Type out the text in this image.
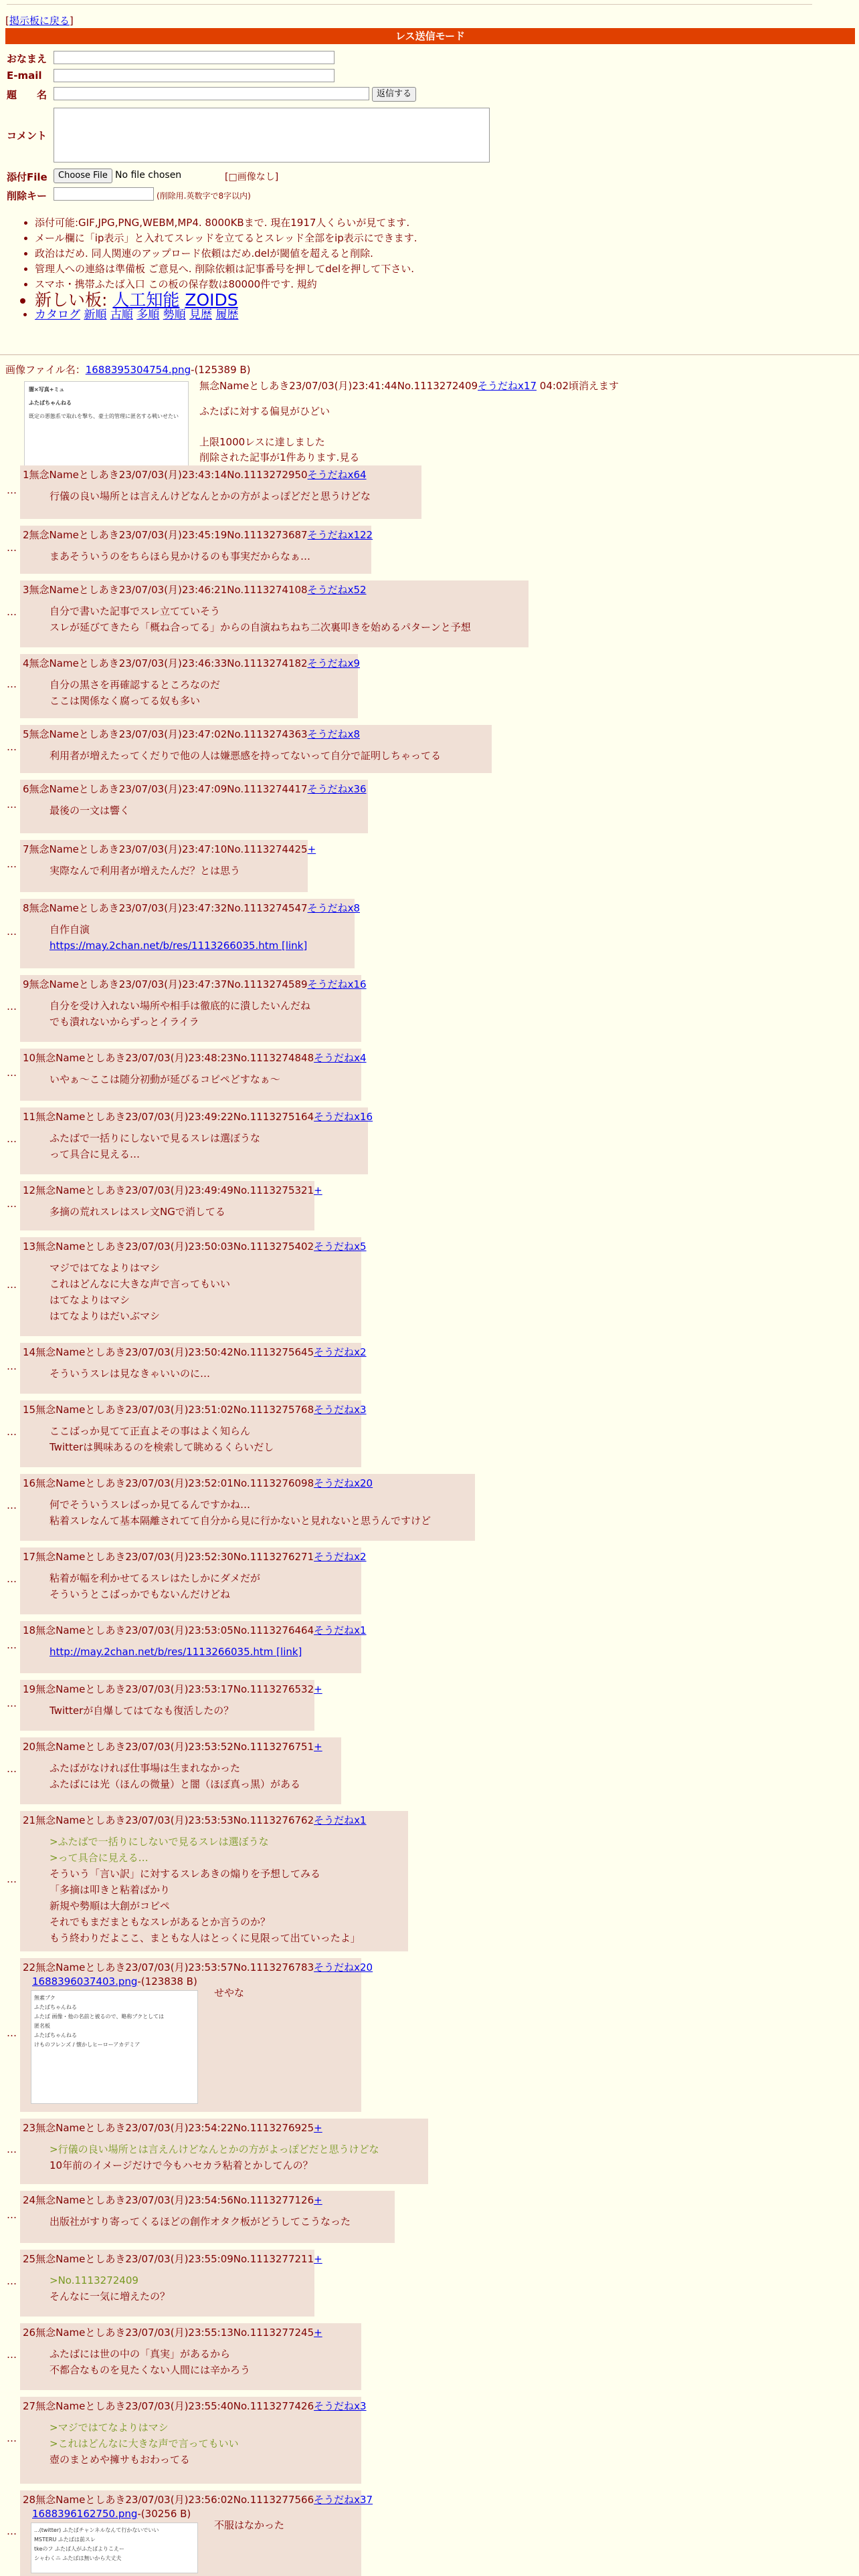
[掲示板に戻る]
レス送信モード
おなまえ
E-mail
題　　名	返信する
コメント
添付File	Choose File No file chosen	[□画像なし]
削除キー	(削除用.英数字で8字以内)
• 添付可能:GIF,JPG,PNG,WEBM,MP4. 8000KBまで. 現在1917人くらいが見てます.
• メール欄に「ip表示」と入れてスレッドを立てるとスレッド全部をip表示にできます.
• 政治はだめ. 同人関連のアップロード依頼はだめ.delが閾値を超えると削除.
• 管理人への連絡は準備板 ご意見へ. 削除依頼は記事番号を押してdelを押して下さい.
• スマホ・携帯ふたば入口 この板の保存数は80000件です. 規約
• 新しい板: 人工知能 ZOIDS
• カタログ 新順 古順 多順 勢順 見歴 履歴
画像ファイル名：1688395304754.png-(125389 B)
闇×写真+ミュ
ふたばちゃんねる
既定の悪態系で取れを撃ち、豪士的管理に匿名する戦いせたい
無念Nameとしあき23/07/03(月)23:41:44No.1113272409そうだねx17 04:02頃消えます
ふたばに対する偏見がひどい
上限1000レスに達しました
削除された記事が1件あります.見る
…
1無念Nameとしあき23/07/03(月)23:43:14No.1113272950そうだねx64
行儀の良い場所とは言えんけどなんとかの方がよっぽどだと思うけどな
…
2無念Nameとしあき23/07/03(月)23:45:19No.1113273687そうだねx122
まあそういうのをちらほら見かけるのも事実だからなぁ…
…
3無念Nameとしあき23/07/03(月)23:46:21No.1113274108そうだねx52
自分で書いた記事でスレ立てていそう
スレが延びてきたら「概ね合ってる」からの自演ねちねち二次裏叩きを始めるパターンと予想
…
4無念Nameとしあき23/07/03(月)23:46:33No.1113274182そうだねx9
自分の黒さを再確認するところなのだ
ここは関係なく腐ってる奴も多い
…
5無念Nameとしあき23/07/03(月)23:47:02No.1113274363そうだねx8
利用者が増えたってくだりで他の人は嫌悪感を持ってないって自分で証明しちゃってる
…
6無念Nameとしあき23/07/03(月)23:47:09No.1113274417そうだねx36
最後の一文は響く
…
7無念Nameとしあき23/07/03(月)23:47:10No.1113274425+
実際なんで利用者が増えたんだ？とは思う
…
8無念Nameとしあき23/07/03(月)23:47:32No.1113274547そうだねx8
自作自演
https://may.2chan.net/b/res/1113266035.htm [link]
…
9無念Nameとしあき23/07/03(月)23:47:37No.1113274589そうだねx16
自分を受け入れない場所や相手は徹底的に潰したいんだね
でも潰れないからずっとイライラ
…
10無念Nameとしあき23/07/03(月)23:48:23No.1113274848そうだねx4
いやぁ～ここは随分初動が延びるコピペどすなぁ～
…
11無念Nameとしあき23/07/03(月)23:49:22No.1113275164そうだねx16
ふたばで一括りにしないで見るスレは選ぼうな
って具合に見える…
…
12無念Nameとしあき23/07/03(月)23:49:49No.1113275321+
多摘の荒れスレはスレ文NGで消してる
…
13無念Nameとしあき23/07/03(月)23:50:03No.1113275402そうだねx5
マジではてなよりはマシ
これはどんなに大きな声で言ってもいい
はてなよりはマシ
はてなよりはだいぶマシ
…
14無念Nameとしあき23/07/03(月)23:50:42No.1113275645そうだねx2
そういうスレは見なきゃいいのに…
…
15無念Nameとしあき23/07/03(月)23:51:02No.1113275768そうだねx3
ここばっか見てて正直よその事はよく知らん
Twitterは興味あるのを検索して眺めるくらいだし
…
16無念Nameとしあき23/07/03(月)23:52:01No.1113276098そうだねx20
何でそういうスレばっか見てるんですかね…
粘着スレなんて基本隔離されてて自分から見に行かないと見れないと思うんですけど
…
17無念Nameとしあき23/07/03(月)23:52:30No.1113276271そうだねx2
粘着が幅を利かせてるスレはたしかにダメだが
そういうとこばっかでもないんだけどね
…
18無念Nameとしあき23/07/03(月)23:53:05No.1113276464そうだねx1
http://may.2chan.net/b/res/1113266035.htm [link]
…
19無念Nameとしあき23/07/03(月)23:53:17No.1113276532+
Twitterが自爆してはてなも復活したの？
…
20無念Nameとしあき23/07/03(月)23:53:52No.1113276751+
ふたばがなければ仕事場は生まれなかった
ふたばには光（ほんの微量）と闇（ほぼ真っ黒）がある
…
21無念Nameとしあき23/07/03(月)23:53:53No.1113276762そうだねx1
>ふたばで一括りにしないで見るスレは選ぼうな
>って具合に見える…
そういう「言い訳」に対するスレあきの煽りを予想してみる
「多摘は叩きと粘着ばかり
新規や勢順は大創がコピペ
それでもまだまともなスレがあるとか言うのか？
もう終わりだよここ、まともな人はとっくに見限って出ていったよ」
…
22無念Nameとしあき23/07/03(月)23:53:57No.1113276783そうだねx20
1688396037403.png-(123838 B)
無素ブク
ふたばちゃんねる
ふたば 画像・他の名前と被るので、略称ブクとしては
匿名板
ふたばちゃんねる
けものフレンズ / 懐かしヒーローアカデミア
せやな
…
23無念Nameとしあき23/07/03(月)23:54:22No.1113276925+
>行儀の良い場所とは言えんけどなんとかの方がよっぽどだと思うけどな
10年前のイメージだけで今もハセカラ粘着とかしてんの？
…
24無念Nameとしあき23/07/03(月)23:54:56No.1113277126+
出版社がすり寄ってくるほどの創作オタク板がどうしてこうなった
…
25無念Nameとしあき23/07/03(月)23:55:09No.1113277211+
>No.1113272409
そんなに一気に増えたの？
…
26無念Nameとしあき23/07/03(月)23:55:13No.1113277245+
ふたばには世の中の「真実」があるから
不都合なものを見たくない人間には辛かろう
…
27無念Nameとしあき23/07/03(月)23:55:40No.1113277426そうだねx3
>マジではてなよりはマシ
>これはどんなに大きな声で言ってもいい
壺のまとめや擁サもおわってる
…
28無念Nameとしあき23/07/03(月)23:56:02No.1113277566そうだねx37
1688396162750.png-(30256 B)
...(twitter) ふたばチャンネルなんて行かないでいい
MSTERU ふたばは前スレ
tkeのフ ふたば人がふたばよりこえー
シャわくニ ふたばは無いから大丈夫
不服はなかった
